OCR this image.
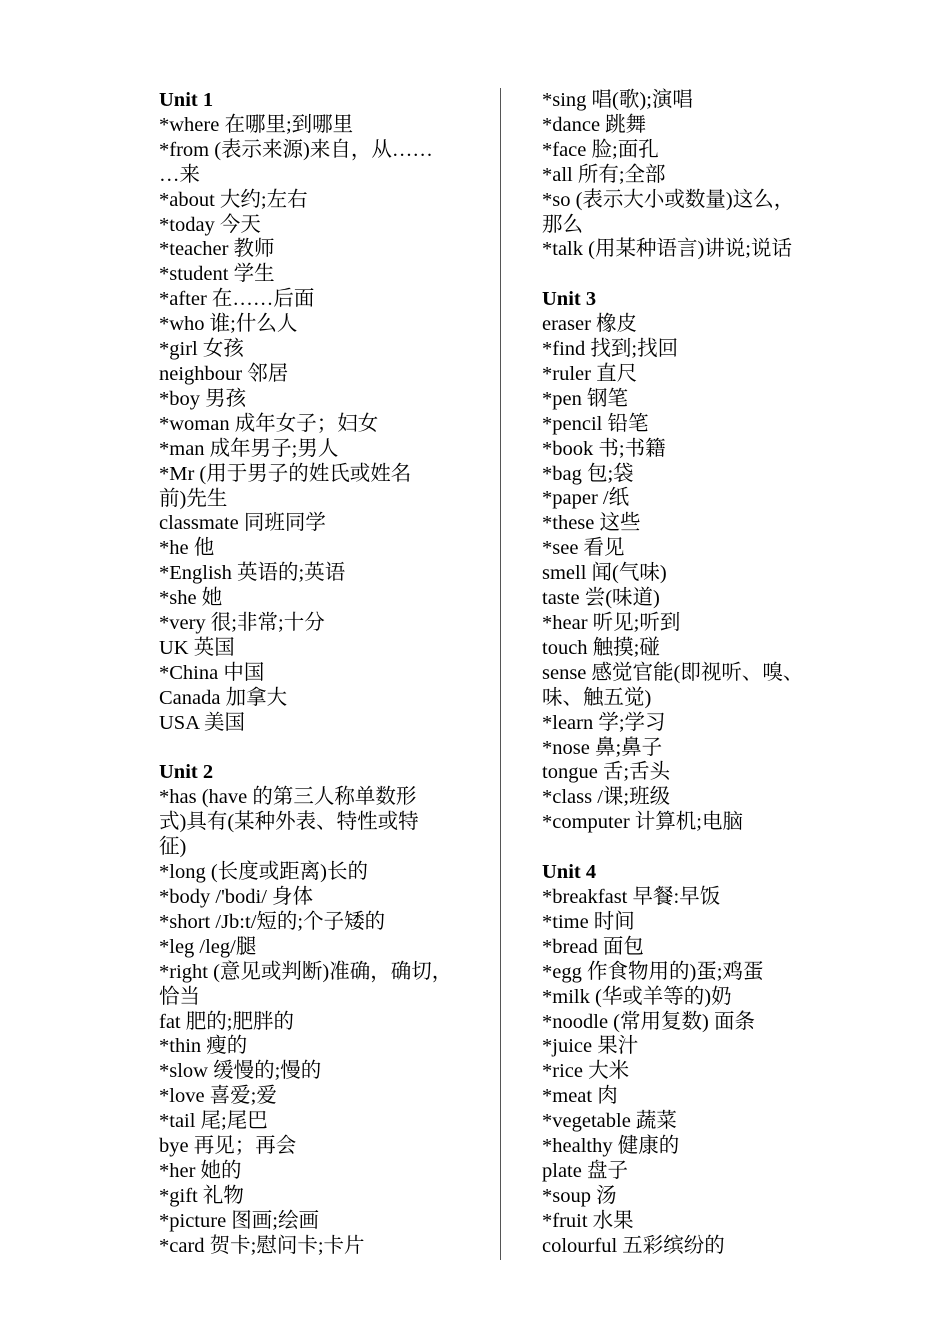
Unit 1
*where 在哪里;到哪里
*from (表示来源)来自，从……
…来
*about 大约;左右
*today 今天
*teacher 教师
*student 学生
*after 在……后面
*who 谁;什么人
*girl 女孩
neighbour 邻居
*boy 男孩
*woman 成年女子；妇女
*man 成年男子;男人
*Mr (用于男子的姓氏或姓名
前)先生
classmate 同班同学
*he 他
*English 英语的;英语
*she 她
*very 很;非常;十分
UK 英国
*China 中国
Canada 加拿大
USA 美国
Unit 2
*has (have 的第三人称单数形
式)具有(某种外表、特性或特
征)
*long (长度或距离)长的
*body /'bodi/ 身体
*short /Jb:t/短的;个子矮的
*leg /leg/腿
*right (意见或判断)准确，确切，
恰当
fat 肥的;肥胖的
*thin 瘦的
*slow 缓慢的;慢的
*love 喜爱;爱
*tail 尾;尾巴
bye 再见；再会
*her 她的
*gift 礼物
*picture 图画;绘画
*card 贺卡;慰问卡;卡片
*sing 唱(歌);演唱
*dance 跳舞
*face 脸;面孔
*all 所有;全部
*so (表示大小或数量)这么，
那么
*talk (用某种语言)讲说;说话
Unit 3
eraser 橡皮
*find 找到;找回
*ruler 直尺
*pen 钢笔
*pencil 铅笔
*book 书;书籍
*bag 包;袋
*paper /纸
*these 这些
*see 看见
smell 闻(气味)
taste 尝(味道)
*hear 听见;听到
touch 触摸;碰
sense 感觉官能(即视听、嗅、
味、触五觉)
*learn 学;学习
*nose 鼻;鼻子
tongue 舌;舌头
*class /课;班级
*computer 计算机;电脑
Unit 4
*breakfast 早餐:早饭
*time 时间
*bread 面包
*egg 作食物用的)蛋;鸡蛋
*milk (华或羊等的)奶
*noodle (常用复数) 面条
*juice 果汁
*rice 大米
*meat 肉
*vegetable 蔬菜
*healthy 健康的
plate 盘子
*soup 汤
*fruit 水果
colourful 五彩缤纷的
